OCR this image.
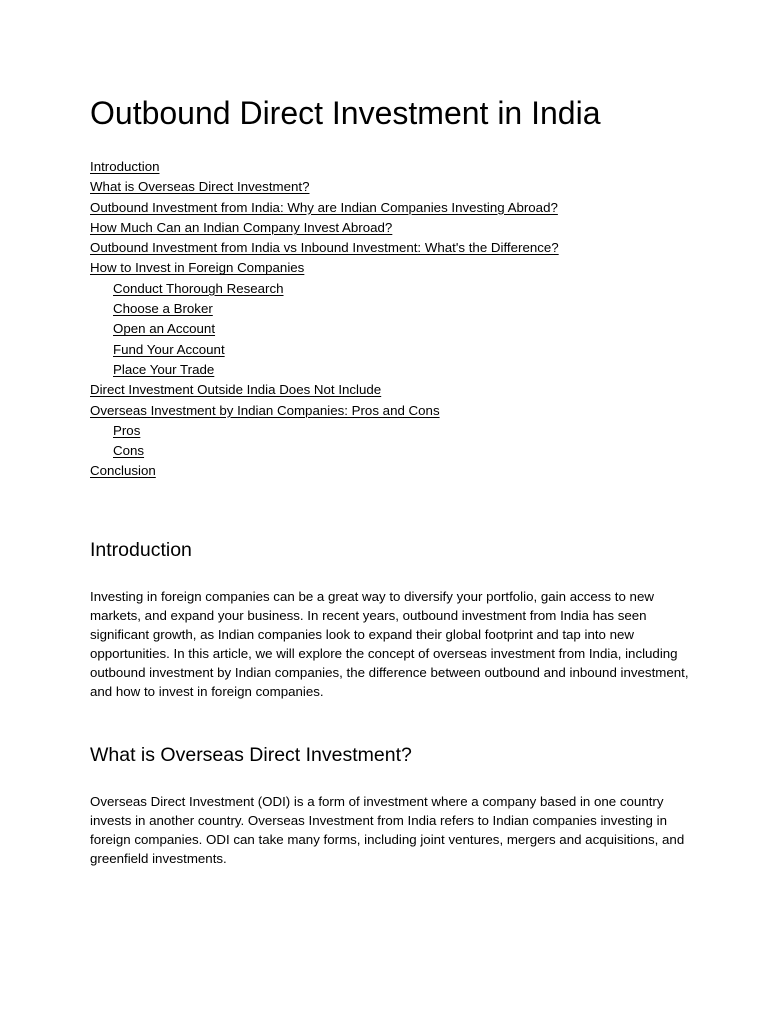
Outbound Direct Investment in India
Introduction
What is Overseas Direct Investment?
Outbound Investment from India: Why are Indian Companies Investing Abroad?
How Much Can an Indian Company Invest Abroad?
Outbound Investment from India vs Inbound Investment: What's the Difference?
How to Invest in Foreign Companies
Conduct Thorough Research
Choose a Broker
Open an Account
Fund Your Account
Place Your Trade
Direct Investment Outside India Does Not Include
Overseas Investment by Indian Companies: Pros and Cons
Pros
Cons
Conclusion
Introduction

Investing in foreign companies can be a great way to diversify your portfolio, gain access to new markets, and expand your business. In recent years, outbound investment from India has seen significant growth, as Indian companies look to expand their global footprint and tap into new opportunities. In this article, we will explore the concept of overseas investment from India, including outbound investment by Indian companies, the difference between outbound and inbound investment, and how to invest in foreign companies.

What is Overseas Direct Investment?

Overseas Direct Investment (ODI) is a form of investment where a company based in one country invests in another country. Overseas Investment from India refers to Indian companies investing in foreign companies. ODI can take many forms, including joint ventures, mergers and acquisitions, and greenfield investments.
